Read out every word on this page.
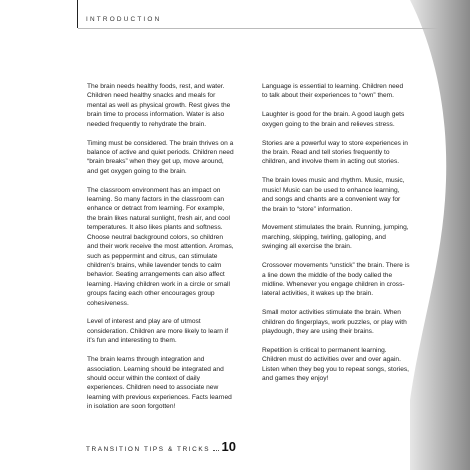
INTRODUCTION

The brain needs healthy foods, rest, and water. Children need healthy snacks and meals for mental as well as physical growth. Rest gives the brain time to process information. Water is also needed frequently to rehydrate the brain.

Timing must be considered. The brain thrives on a balance of active and quiet periods. Children need “brain breaks” when they get up, move around, and get oxygen going to the brain.

The classroom environment has an impact on learning. So many factors in the classroom can enhance or detract from learning. For example, the brain likes natural sunlight, fresh air, and cool temperatures. It also likes plants and softness. Choose neutral background colors, so children and their work receive the most attention. Aromas, such as peppermint and citrus, can stimulate children’s brains, while lavender tends to calm behavior. Seating arrangements can also affect learning. Having children work in a circle or small groups facing each other encourages group cohesiveness.

Level of interest and play are of utmost consideration. Children are more likely to learn if it’s fun and interesting to them.

The brain learns through integration and association. Learning should be integrated and should occur within the context of daily experiences. Children need to associate new learning with previous experiences. Facts learned in isolation are soon forgotten!

Language is essential to learning. Children need to talk about their experiences to “own” them.

Laughter is good for the brain. A good laugh gets oxygen going to the brain and relieves stress.

Stories are a powerful way to store experiences in the brain. Read and tell stories frequently to children, and involve them in acting out stories.

The brain loves music and rhythm. Music, music, music! Music can be used to enhance learning, and songs and chants are a convenient way for the brain to “store” information.

Movement stimulates the brain. Running, jumping, marching, skipping, twirling, galloping, and swinging all exercise the brain.

Crossover movements “unstick” the brain. There is a line down the middle of the body called the midline. Whenever you engage children in cross-lateral activities, it wakes up the brain.

Small motor activities stimulate the brain. When children do fingerplays, work puzzles, or play with playdough, they are using their brains.

Repetition is critical to permanent learning. Children must do activities over and over again. Listen when they beg you to repeat songs, stories, and games they enjoy!

TRANSITION TIPS & TRICKS 10
